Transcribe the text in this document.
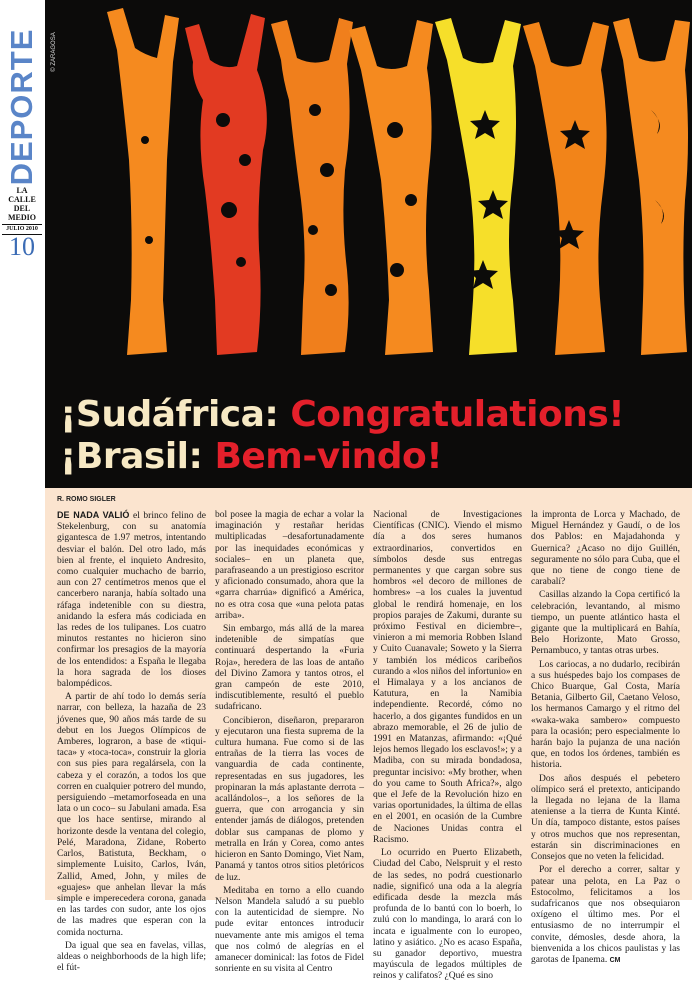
DEPORTE
LA CALLE
DEL MEDIO
JULIO 2010
10
© ZARAGOSA
¡Sudáfrica: Congratulations!
¡Brasil: Bem-vindo!
R. ROMO SIGLER

DE NADA VALIÓ el brinco felino de Stekelenburg, con su anatomía gigantesca de 1.97 metros, intentando desviar el balón. Del otro lado, más bien al frente, el inquieto Andresito, como cualquier muchacho de barrio, aun con 27 centímetros menos que el cancerbero naranja, había soltado una ráfaga indetenible con su diestra, anidando la esfera más codiciada en las redes de los tulipanes. Los cuatro minutos restantes no hicieron sino confirmar los presagios de la mayoría de los entendidos: a España le llegaba la hora sagrada de los dioses balompédicos.

A partir de ahí todo lo demás sería narrar, con belleza, la hazaña de 23 jóvenes que, 90 años más tarde de su debut en los Juegos Olímpicos de Amberes, lograron, a base de «tiqui-taca» y «toca-toca», construir la gloria con sus pies para regalársela, con la cabeza y el corazón, a todos los que corren en cualquier potrero del mundo, persiguiendo –metamorfoseada en una lata o un coco– su Jabulani amada. Esa que los hace sentirse, mirando al horizonte desde la ventana del colegio, Pelé, Maradona, Zidane, Roberto Carlos, Batistuta, Beckham, o simplemente Luisito, Carlos, Iván, Zallid, Amed, John, y miles de «guajes» que anhelan llevar la más simple e imperecedera corona, ganada en las tardes con sudor, ante los ojos de las madres que esperan con la comida nocturna.

Da igual que sea en favelas, villas, aldeas o neighborhoods de la high life; el fút-

bol posee la magia de echar a volar la imaginación y restañar heridas multiplicadas –desafortunadamente por las inequidades económicas y sociales– en un planeta que, parafraseando a un prestigioso escritor y aficionado consumado, ahora que la «garra charrúa» dignificó a América, no es otra cosa que «una pelota patas arriba».

Sin embargo, más allá de la marea indetenible de simpatías que continuará despertando la «Furia Roja», heredera de las loas de antaño del Divino Zamora y tantos otros, el gran campeón de este 2010, indiscutiblemente, resultó el pueblo sudafricano.

Concibieron, diseñaron, prepararon y ejecutaron una fiesta suprema de la cultura humana. Fue como si de las entrañas de la tierra las voces de vanguardia de cada continente, representadas en sus jugadores, les propinaran la más aplastante derrota –acallándolos–, a los señores de la guerra, que con arrogancia y sin entender jamás de diálogos, pretenden doblar sus campanas de plomo y metralla en Irán y Corea, como antes hicieron en Santo Domingo, Viet Nam, Panamá y tantos otros sitios pletóricos de luz.

Meditaba en torno a ello cuando Nelson Mandela saludó a su pueblo con la autenticidad de siempre. No pude evitar entonces introducir nuevamente ante mis amigos el tema que nos colmó de alegrías en el amanecer dominical: las fotos de Fidel sonriente en su visita al Centro

Nacional de Investigaciones Científicas (CNIC). Viendo el mismo día a dos seres humanos extraordinarios, convertidos en símbolos desde sus entregas permanentes y que cargan sobre sus hombros «el decoro de millones de hombres» –a los cuales la juventud global le rendirá homenaje, en los propios parajes de Zakumi, durante su próximo Festival en diciembre–, vinieron a mi memoria Robben Island y Cuito Cuanavale; Soweto y la Sierra y también los médicos caribeños curando a «los niños del infortunio» en el Himalaya y a los ancianos de Katutura, en la Namibia independiente. Recordé, cómo no hacerlo, a dos gigantes fundidos en un abrazo memorable, el 26 de julio de 1991 en Matanzas, afirmando: «¡Qué lejos hemos llegado los esclavos!»; y a Madiba, con su mirada bondadosa, preguntar incisivo: «My brother, when do you came to South Africa?», algo que el Jefe de la Revolución hizo en varias oportunidades, la última de ellas en el 2001, en ocasión de la Cumbre de Naciones Unidas contra el Racismo.

Lo ocurrido en Puerto Elizabeth, Ciudad del Cabo, Nelspruit y el resto de las sedes, no podrá cuestionarlo nadie, significó una oda a la alegría edificada desde la mezcla más profunda de lo bantú con lo boerh, lo zulú con lo mandinga, lo arará con lo incata e igualmente con lo europeo, latino y asiático. ¿No es acaso España, su ganador deportivo, muestra mayúscula de legados múltiples de reinos y califatos? ¿Qué es sino

la impronta de Lorca y Machado, de Miguel Hernández y Gaudí, o de los dos Pablos: en Majadahonda y Guernica? ¿Acaso no dijo Guillén, seguramente no sólo para Cuba, que el que no tiene de congo tiene de carabalí?

Casillas alzando la Copa certificó la celebración, levantando, al mismo tiempo, un puente atlántico hasta el gigante que la multiplicará en Bahía, Belo Horizonte, Mato Grosso, Pernambuco, y tantas otras urbes.

Los cariocas, a no dudarlo, recibirán a sus huéspedes bajo los compases de Chico Buarque, Gal Costa, María Betania, Gilberto Gil, Caetano Veloso, los hermanos Camargo y el ritmo del «waka-waka sambero» compuesto para la ocasión; pero especialmente lo harán bajo la pujanza de una nación que, en todos los órdenes, también es historia.

Dos años después el pebetero olímpico será el pretexto, anticipando la llegada no lejana de la llama ateniense a la tierra de Kunta Kinté. Un día, tampoco distante, estos países y otros muchos que nos representan, estarán sin discriminaciones en Consejos que no veten la felicidad.

Por el derecho a correr, saltar y patear una pelota, en La Paz o Estocolmo, felicitamos a los sudafricanos que nos obsequiaron oxígeno el último mes. Por el entusiasmo de no interrumpir el convite, démosles, desde ahora, la bienvenida a los chicos paulistas y las garotas de Ipanema. CM
